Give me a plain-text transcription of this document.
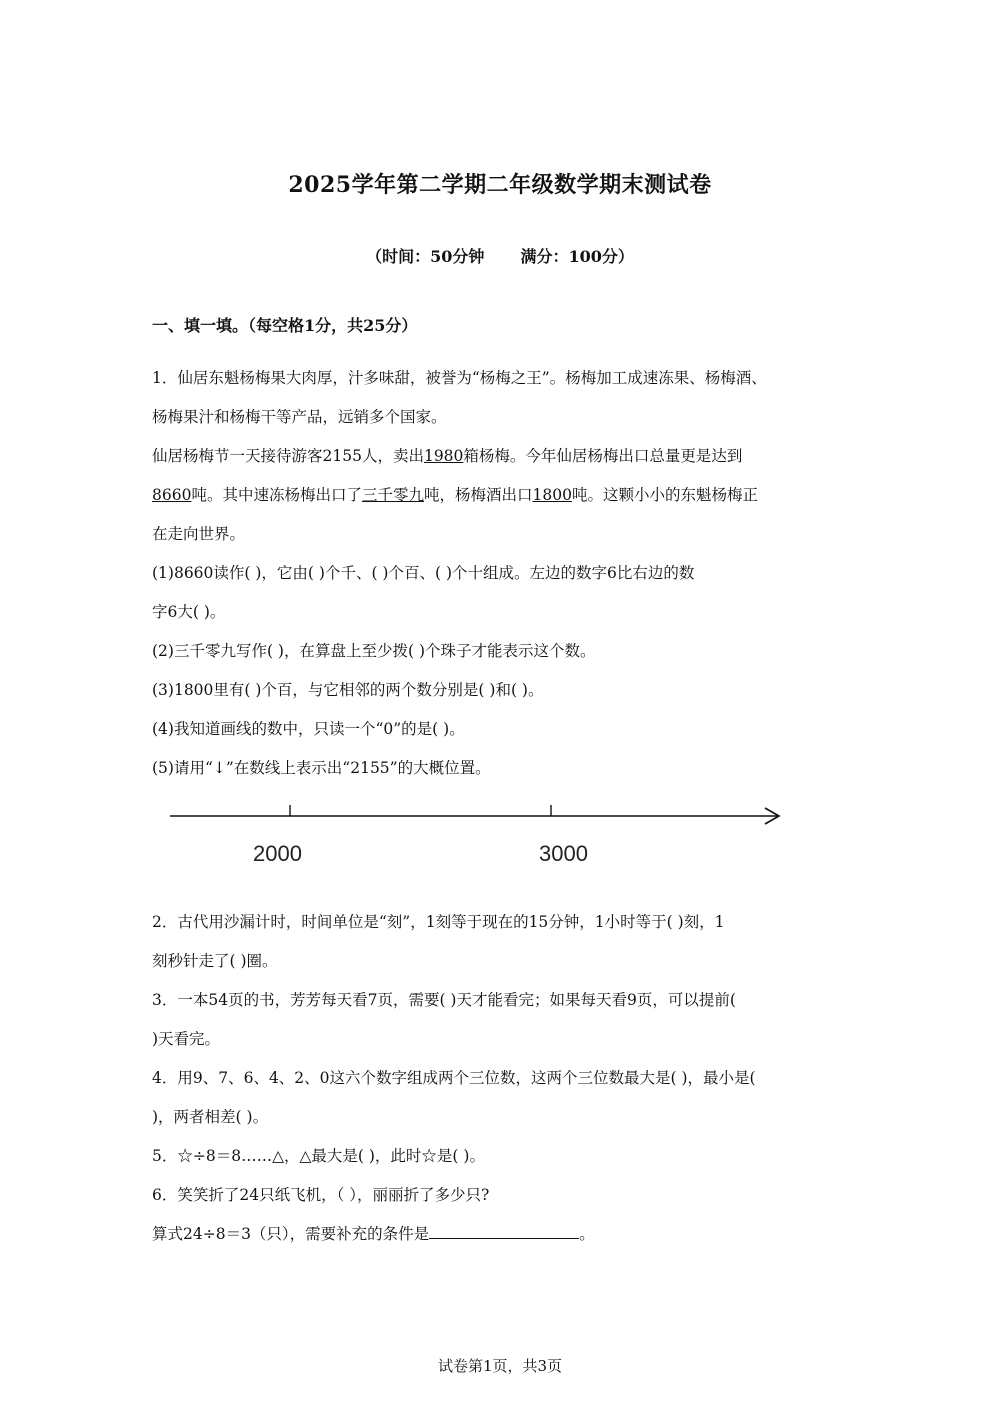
2025学年第二学期二年级数学期末测试卷
（时间：50分钟 满分：100分）
一、填一填。（每空格1分，共25分）
1．仙居东魁杨梅果大肉厚，汁多味甜，被誉为“杨梅之王”。杨梅加工成速冻果、杨梅酒、
杨梅果汁和杨梅干等产品，远销多个国家。
仙居杨梅节一天接待游客2155人，卖出1980箱杨梅。今年仙居杨梅出口总量更是达到
8660吨。其中速冻杨梅出口了三千零九吨，杨梅酒出口1800吨。这颗小小的东魁杨梅正
在走向世界。
(1)8660读作( )，它由( )个千、( )个百、( )个十组成。左边的数字6比右边的数
字6大( )。
(2)三千零九写作( )，在算盘上至少拨( )个珠子才能表示这个数。
(3)1800里有( )个百，与它相邻的两个数分别是( )和( )。
(4)我知道画线的数中，只读一个“0”的是( )。
(5)请用“↓”在数线上表示出“2155”的大概位置。
2000	3000
2．古代用沙漏计时，时间单位是“刻”，1刻等于现在的15分钟，1小时等于( )刻，1
刻秒针走了( )圈。
3．一本54页的书，芳芳每天看7页，需要( )天才能看完；如果每天看9页，可以提前(
)天看完。
4．用9、7、6、4、2、0这六个数字组成两个三位数，这两个三位数最大是( )，最小是(
)，两者相差( )。
5．☆÷8＝8……△，△最大是( )，此时☆是( )。
6．笑笑折了24只纸飞机，（ ），丽丽折了多少只?
算式24÷8＝3（只），需要补充的条件是	。
试卷第1页，共3页
